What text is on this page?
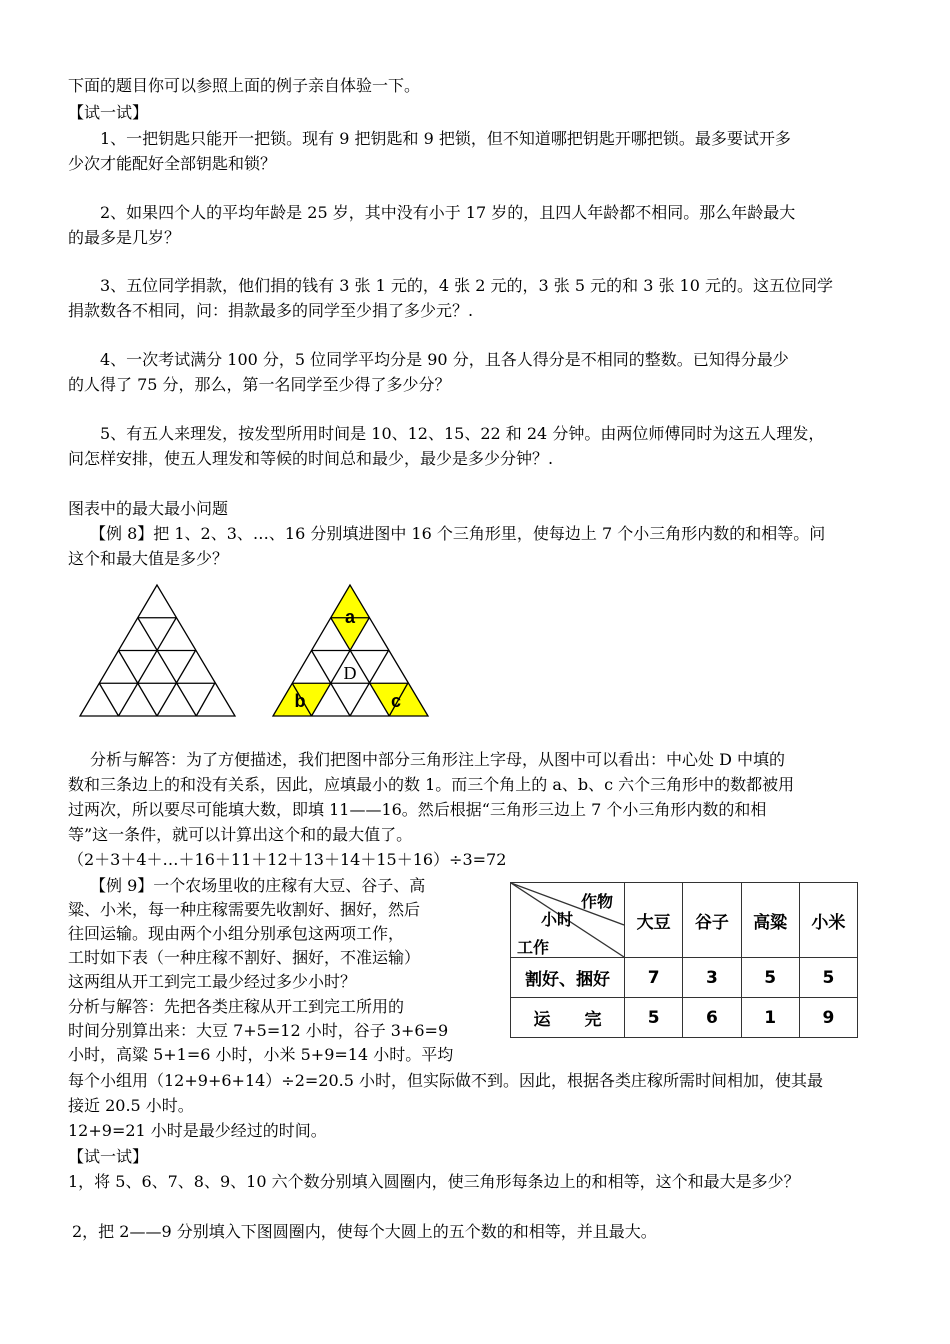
下面的题目你可以参照上面的例子亲自体验一下。
【试一试】
1、一把钥匙只能开一把锁。现有 9 把钥匙和 9 把锁，但不知道哪把钥匙开哪把锁。最多要试开多
少次才能配好全部钥匙和锁？
2、如果四个人的平均年龄是 25 岁，其中没有小于 17 岁的，且四人年龄都不相同。那么年龄最大
的最多是几岁？
3、五位同学捐款，他们捐的钱有 3 张 1 元的，4 张 2 元的，3 张 5 元的和 3 张 10 元的。这五位同学
捐款数各不相同，问：捐款最多的同学至少捐了多少元？.
4、一次考试满分 100 分，5 位同学平均分是 90 分，且各人得分是不相同的整数。已知得分最少
的人得了 75 分，那么，第一名同学至少得了多少分？
5、有五人来理发，按发型所用时间是 10、12、15、22 和 24 分钟。由两位师傅同时为这五人理发，
问怎样安排，使五人理发和等候的时间总和最少，最少是多少分钟？.
图表中的最大最小问题
【例 8】把 1、2、3、…、16 分别填进图中 16 个三角形里，使每边上 7 个小三角形内数的和相等。问
这个和最大值是多少？
a
D
b	c
分析与解答：为了方便描述，我们把图中部分三角形注上字母，从图中可以看出：中心处 D 中填的
数和三条边上的和没有关系，因此，应填最小的数 1。而三个角上的 a、b、c 六个三角形中的数都被用
过两次，所以要尽可能填大数，即填 11——16。然后根据“三角形三边上 7 个小三角形内数的和相
等”这一条件，就可以计算出这个和的最大值了。
（2＋3＋4＋…＋16＋11＋12＋13＋14＋15＋16）÷3=72
【例 9】一个农场里收的庄稼有大豆、谷子、高
粱、小米，每一种庄稼需要先收割好、捆好，然后
往回运输。现由两个小组分别承包这两项工作，
工时如下表（一种庄稼不割好、捆好，不准运输）
这两组从开工到完工最少经过多少小时？
分析与解答：先把各类庄稼从开工到完工所用的
时间分别算出来：大豆 7+5=12 小时，谷子 3+6=9
小时，高粱 5+1=6 小时，小米 5+9=14 小时。平均
每个小组用（12+9+6+14）÷2=20.5 小时，但实际做不到。因此，根据各类庄稼所需时间相加，使其最
接近 20.5 小时。
12+9=21 小时是最少经过的时间。
作物
小时
工作	大豆	谷子	高粱	小米
割好、捆好	7	3	5	5
运　　完	5	6	1	9
【试一试】
1，将 5、6、7、8、9、10 六个数分别填入圆圈内，使三角形每条边上的和相等，这个和最大是多少？
2，把 2——9 分别填入下图圆圈内，使每个大圆上的五个数的和相等，并且最大。
